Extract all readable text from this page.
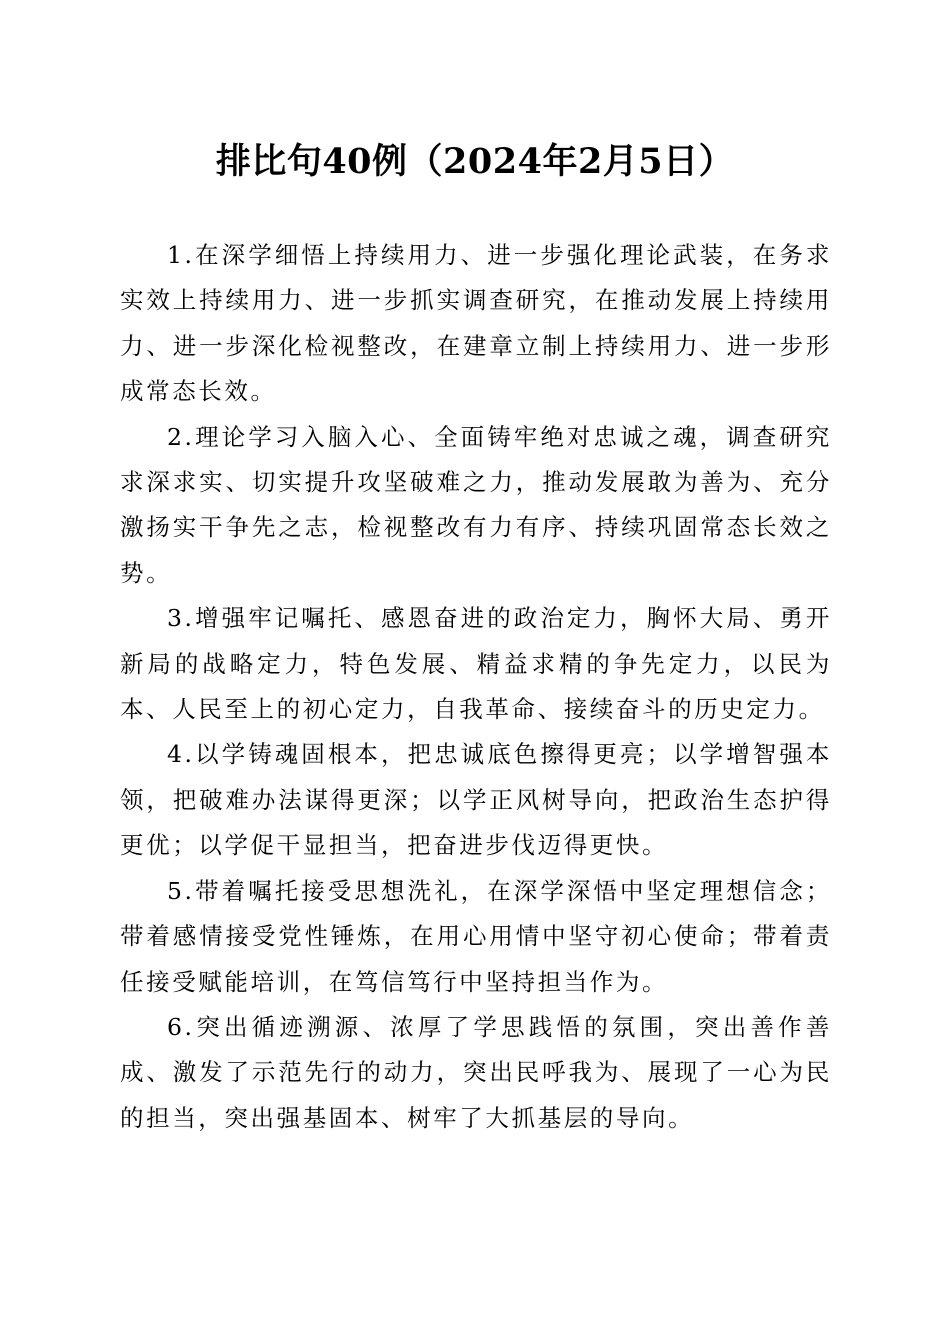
排比句40例（2024年2月5日）

1.在深学细悟上持续用力、进一步强化理论武装，在务求实效上持续用力、进一步抓实调查研究，在推动发展上持续用力、进一步深化检视整改，在建章立制上持续用力、进一步形成常态长效。

2.理论学习入脑入心、全面铸牢绝对忠诚之魂，调查研究求深求实、切实提升攻坚破难之力，推动发展敢为善为、充分激扬实干争先之志，检视整改有力有序、持续巩固常态长效之势。

3.增强牢记嘱托、感恩奋进的政治定力，胸怀大局、勇开新局的战略定力，特色发展、精益求精的争先定力，以民为本、人民至上的初心定力，自我革命、接续奋斗的历史定力。

4.以学铸魂固根本，把忠诚底色擦得更亮；以学增智强本领，把破难办法谋得更深；以学正风树导向，把政治生态护得更优；以学促干显担当，把奋进步伐迈得更快。

5.带着嘱托接受思想洗礼，在深学深悟中坚定理想信念；带着感情接受党性锤炼，在用心用情中坚守初心使命；带着责任接受赋能培训，在笃信笃行中坚持担当作为。

6.突出循迹溯源、浓厚了学思践悟的氛围，突出善作善成、激发了示范先行的动力，突出民呼我为、展现了一心为民的担当，突出强基固本、树牢了大抓基层的导向。
